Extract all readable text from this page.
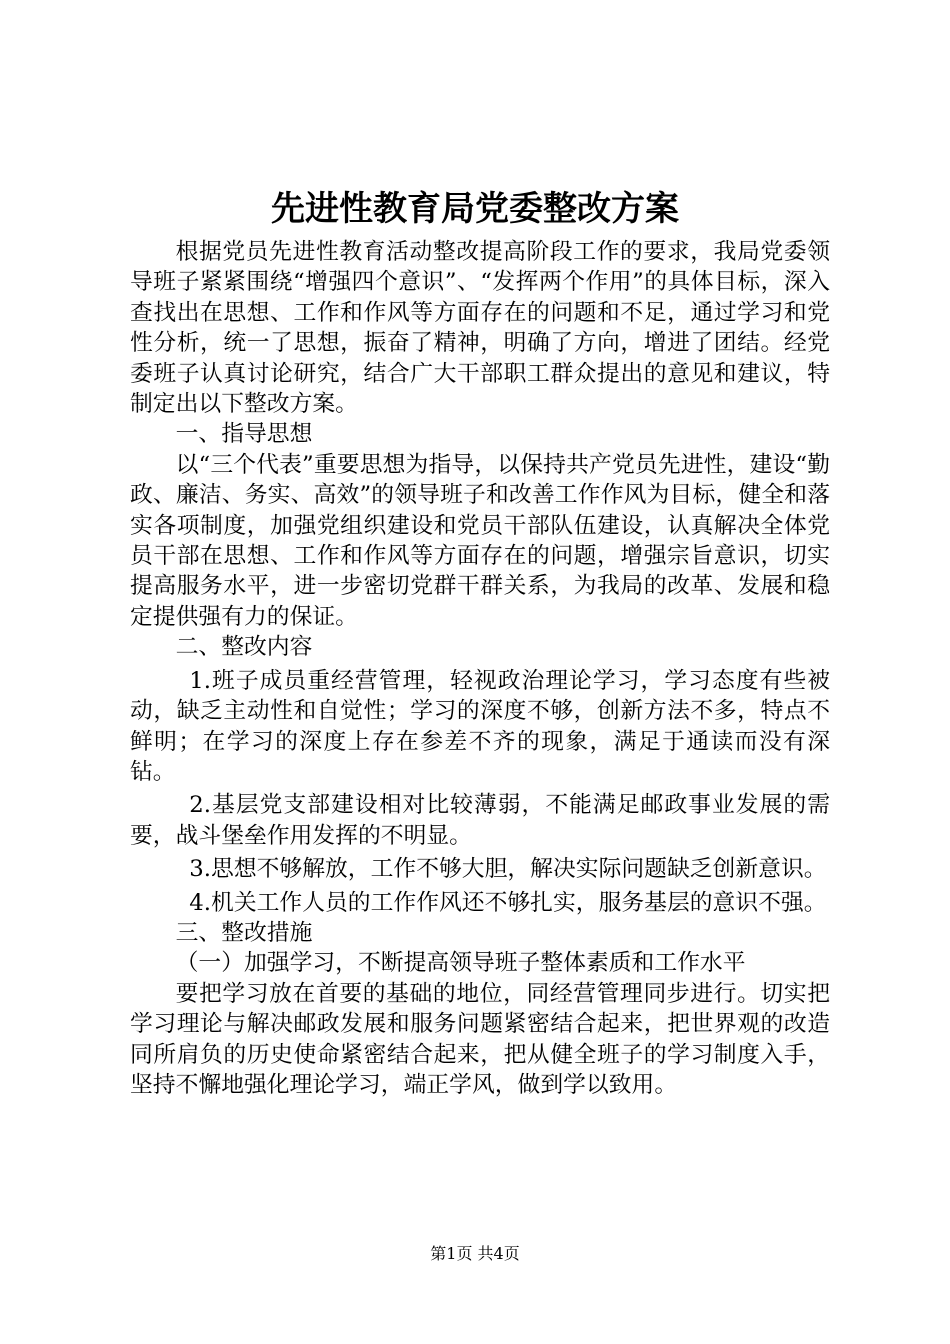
先进性教育局党委整改方案

根据党员先进性教育活动整改提高阶段工作的要求，我局党委领导班子紧紧围绕“增强四个意识”、“发挥两个作用”的具体目标，深入查找出在思想、工作和作风等方面存在的问题和不足，通过学习和党性分析，统一了思想，振奋了精神，明确了方向，增进了团结。经党委班子认真讨论研究，结合广大干部职工群众提出的意见和建议，特制定出以下整改方案。

一、指导思想

以“三个代表”重要思想为指导，以保持共产党员先进性，建设“勤政、廉洁、务实、高效”的领导班子和改善工作作风为目标，健全和落实各项制度，加强党组织建设和党员干部队伍建设，认真解决全体党员干部在思想、工作和作风等方面存在的问题，增强宗旨意识，切实提高服务水平，进一步密切党群干群关系，为我局的改革、发展和稳定提供强有力的保证。

二、整改内容

1.班子成员重经营管理，轻视政治理论学习，学习态度有些被动，缺乏主动性和自觉性；学习的深度不够，创新方法不多，特点不鲜明；在学习的深度上存在参差不齐的现象，满足于通读而没有深钻。

2.基层党支部建设相对比较薄弱，不能满足邮政事业发展的需要，战斗堡垒作用发挥的不明显。

3.思想不够解放，工作不够大胆，解决实际问题缺乏创新意识。

4.机关工作人员的工作作风还不够扎实，服务基层的意识不强。

三、整改措施

（一）加强学习，不断提高领导班子整体素质和工作水平

要把学习放在首要的基础的地位，同经营管理同步进行。切实把学习理论与解决邮政发展和服务问题紧密结合起来，把世界观的改造同所肩负的历史使命紧密结合起来，把从健全班子的学习制度入手，坚持不懈地强化理论学习，端正学风，做到学以致用。

第1页 共4页
